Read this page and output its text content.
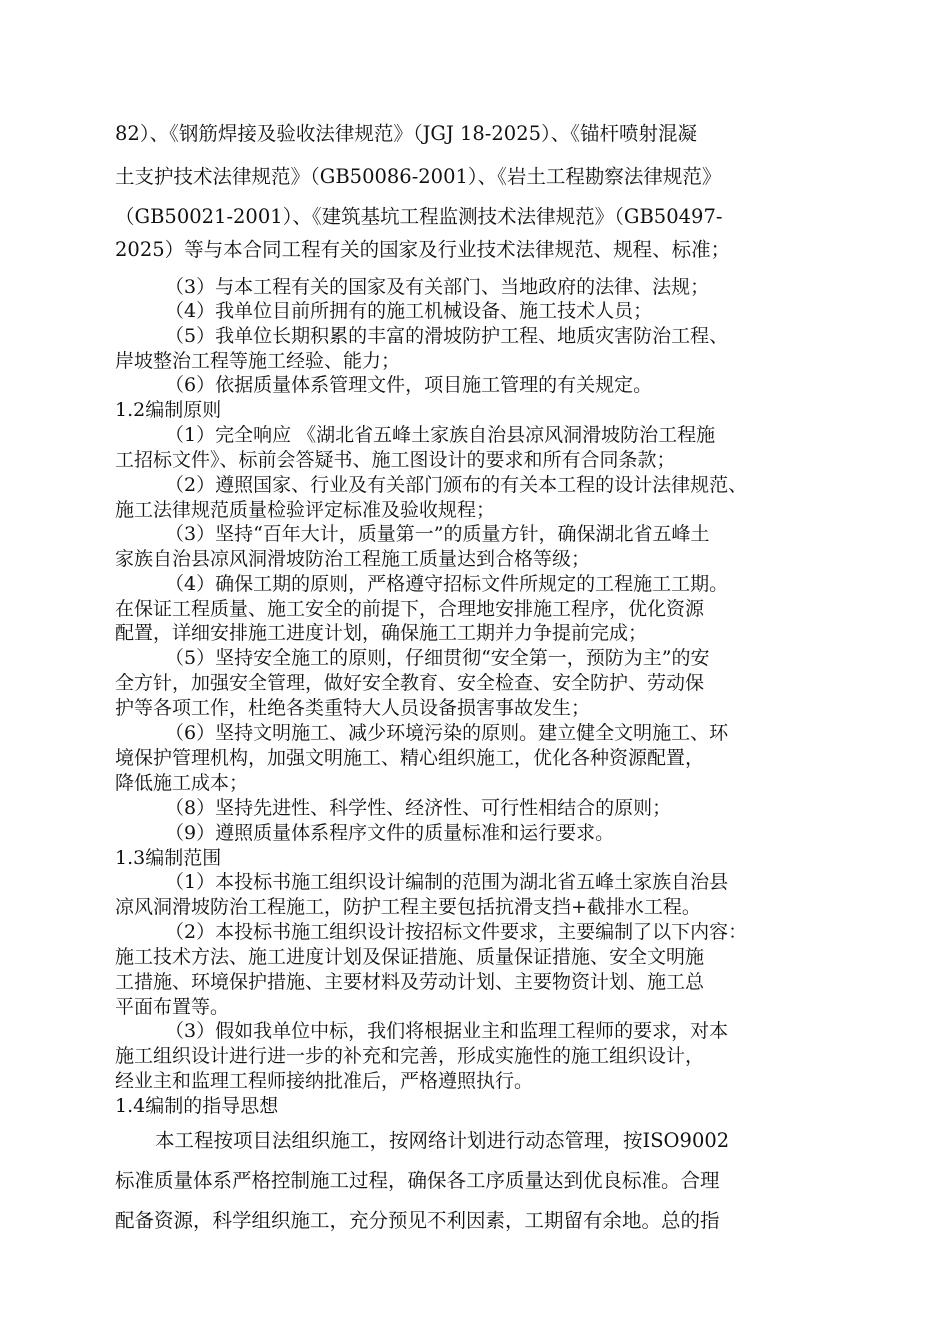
82）、《钢筋焊接及验收法律规范》（JGJ 18-2025）、《锚杆喷射混凝

土支护技术法律规范》（GB50086-2001）、《岩土工程勘察法律规范》

（GB50021-2001）、《建筑基坑工程监测技术法律规范》（GB50497-

2025）等与本合同工程有关的国家及行业技术法律规范、规程、标准；

（3）与本工程有关的国家及有关部门、当地政府的法律、法规；

（4）我单位目前所拥有的施工机械设备、施工技术人员；

（5）我单位长期积累的丰富的滑坡防护工程、地质灾害防治工程、

岸坡整治工程等施工经验、能力；

（6）依据质量体系管理文件，项目施工管理的有关规定。

1.2编制原则

（1）完全响应 《湖北省五峰土家族自治县凉风洞滑坡防治工程施

工招标文件》、标前会答疑书、施工图设计的要求和所有合同条款；

（2）遵照国家、行业及有关部门颁布的有关本工程的设计法律规范、

施工法律规范质量检验评定标准及验收规程；

（3）坚持“百年大计，质量第一”的质量方针，确保湖北省五峰土

家族自治县凉风洞滑坡防治工程施工质量达到合格等级；

（4）确保工期的原则，严格遵守招标文件所规定的工程施工工期。

在保证工程质量、施工安全的前提下，合理地安排施工程序，优化资源

配置，详细安排施工进度计划，确保施工工期并力争提前完成；

（5）坚持安全施工的原则，仔细贯彻“安全第一，预防为主”的安

全方针，加强安全管理，做好安全教育、安全检查、安全防护、劳动保

护等各项工作，杜绝各类重特大人员设备损害事故发生；

（6）坚持文明施工、减少环境污染的原则。建立健全文明施工、环

境保护管理机构，加强文明施工、精心组织施工，优化各种资源配置，

降低施工成本；

（8）坚持先进性、科学性、经济性、可行性相结合的原则；

（9）遵照质量体系程序文件的质量标准和运行要求。

1.3编制范围

（1）本投标书施工组织设计编制的范围为湖北省五峰土家族自治县

凉风洞滑坡防治工程施工，防护工程主要包括抗滑支挡+截排水工程。

（2）本投标书施工组织设计按招标文件要求，主要编制了以下内容：

施工技术方法、施工进度计划及保证措施、质量保证措施、安全文明施

工措施、环境保护措施、主要材料及劳动计划、主要物资计划、施工总

平面布置等。

（3）假如我单位中标，我们将根据业主和监理工程师的要求，对本

施工组织设计进行进一步的补充和完善，形成实施性的施工组织设计，

经业主和监理工程师接纳批准后，严格遵照执行。

1.4编制的指导思想

本工程按项目法组织施工，按网络计划进行动态管理，按ISO9002

标准质量体系严格控制施工过程，确保各工序质量达到优良标准。合理

配备资源，科学组织施工，充分预见不利因素，工期留有余地。总的指
